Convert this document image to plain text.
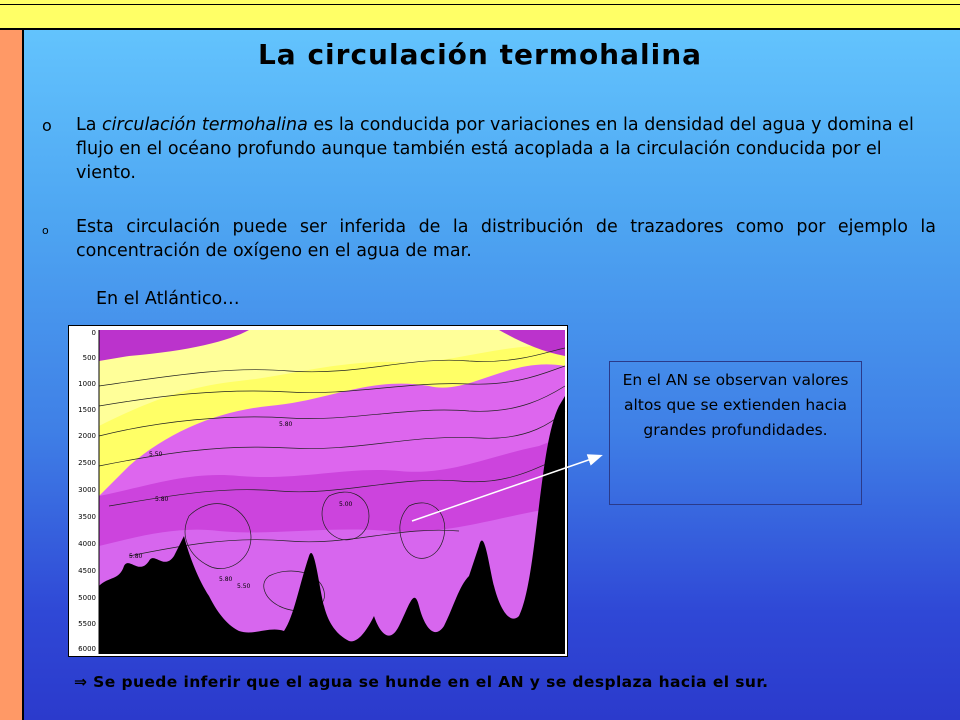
La circulación termohalina
o La circulación termohalina es la conducida por variaciones en la densidad del agua y domina el flujo en el océano profundo aunque también está acoplada a la circulación conducida por el viento.
o Esta circulación puede ser inferida de la distribución de trazadores como por ejemplo la concentración de oxígeno en el agua de mar.
En el Atlántico…
0
500
1000
1500
2000
2500
3000
3500
4000
4500
5000
5500
6000
5.80
5.80
5.50
5.00
5.80
5.50
5.80
En el AN se observan valores altos que se extienden hacia grandes profundidades.
⇒ Se puede inferir que el agua se hunde en el AN y se desplaza hacia el sur.
